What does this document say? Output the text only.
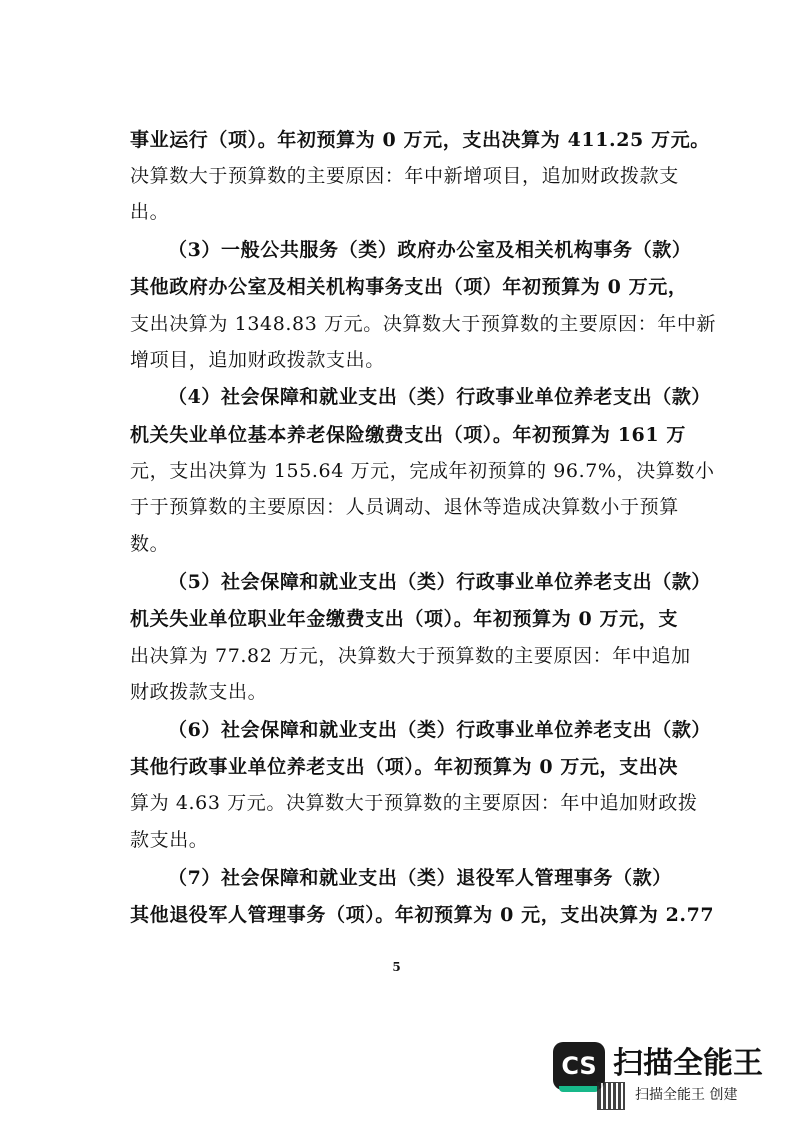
事业运行（项）。年初预算为 0 万元，支出决算为 411.25 万元。
决算数大于预算数的主要原因：年中新增项目，追加财政拨款支
出。
（3）一般公共服务（类）政府办公室及相关机构事务（款）
其他政府办公室及相关机构事务支出（项）年初预算为 0 万元，
支出决算为 1348.83 万元。决算数大于预算数的主要原因：年中新
增项目，追加财政拨款支出。
（4）社会保障和就业支出（类）行政事业单位养老支出（款）
机关失业单位基本养老保险缴费支出（项）。年初预算为 161 万
元，支出决算为 155.64 万元，完成年初预算的 96.7%，决算数小
于于预算数的主要原因：人员调动、退休等造成决算数小于预算
数。
（5）社会保障和就业支出（类）行政事业单位养老支出（款）
机关失业单位职业年金缴费支出（项）。年初预算为 0 万元，支
出决算为 77.82 万元，决算数大于预算数的主要原因：年中追加
财政拨款支出。
（6）社会保障和就业支出（类）行政事业单位养老支出（款）
其他行政事业单位养老支出（项）。年初预算为 0 万元，支出决
算为 4.63 万元。决算数大于预算数的主要原因：年中追加财政拨
款支出。
（7）社会保障和就业支出（类）退役军人管理事务（款）
其他退役军人管理事务（项）。年初预算为 0 元，支出决算为 2.77
5
CS 扫描全能王
扫描全能王 创建
